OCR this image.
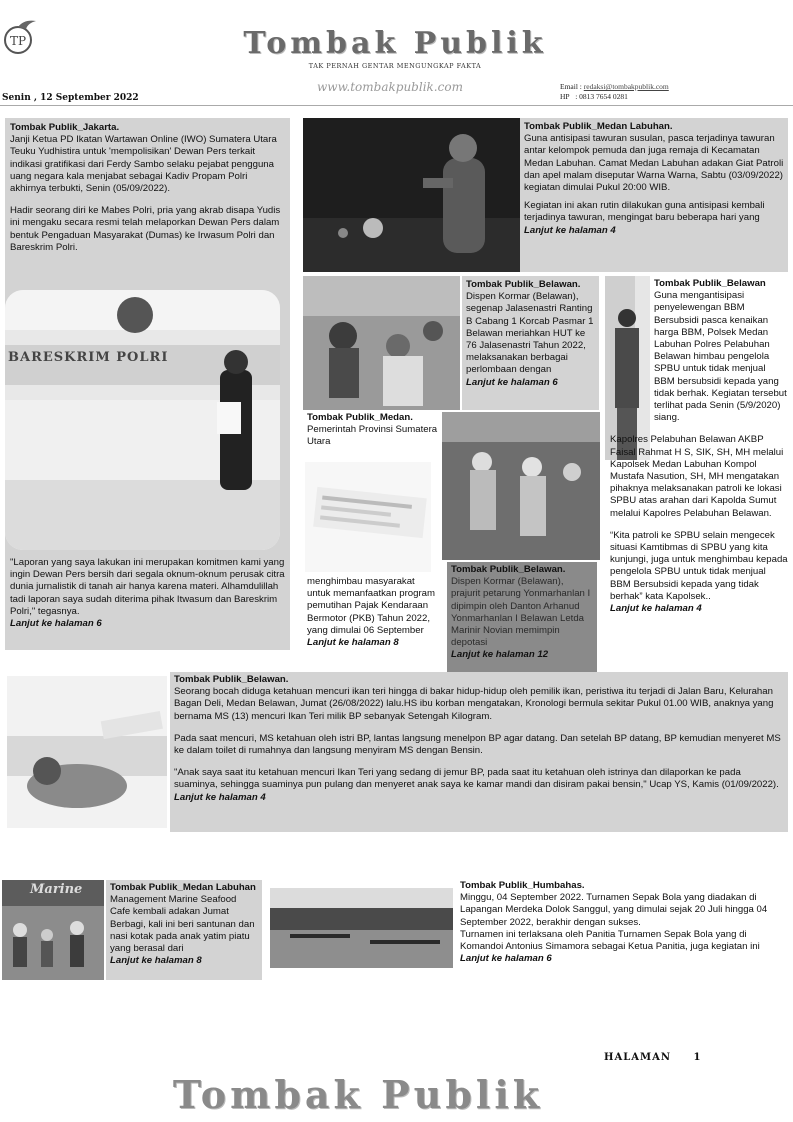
TP	Tombak Publik
TAK PERNAH GENTAR MENGUNGKAP FAKTA
www.tombakpublik.com
Senin , 12 September 2022
Email : redaksi@tombakpublik.com
HP : 0813 7654 0281
Tombak Publik_Jakarta.

Janji Ketua PD Ikatan Wartawan Online (IWO) Sumatera Utara Teuku Yudhistira untuk 'mempolisikan' Dewan Pers terkait indikasi gratifikasi dari Ferdy Sambo selaku pejabat pengguna uang negara kala menjabat sebagai Kadiv Propam Polri akhirnya terbukti, Senin (05/09/2022).

Hadir seorang diri ke Mabes Polri, pria yang akrab disapa Yudis ini mengaku secara resmi telah melaporkan Dewan Pers dalam bentuk Pengaduan Masyarakat (Dumas) ke Irwasum Polri dan Bareskrim Polri.

BARESKRIM POLRI
"Laporan yang saya lakukan ini merupakan komitmen kami yang ingin Dewan Pers bersih dari segala oknum-oknum perusak citra dunia jurnalistik di tanah air hanya karena materi. Alhamdulillah tadi laporan saya sudah diterima pihak Itwasum dan Bareskrim Polri," tegasnya.
Lanjut ke halaman 6
Tombak Publik_Medan Labuhan.

Guna antisipasi tawuran susulan, pasca terjadinya tawuran antar kelompok pemuda dan juga remaja di Kecamatan Medan Labuhan. Camat Medan Labuhan adakan Giat Patroli dan apel malam diseputar Warna Warna, Sabtu (03/09/2022) kegiatan dimulai Pukul 20:00 WIB.

Kegiatan ini akan rutin dilakukan guna antisipasi kembali terjadinya tawuran, mengingat baru beberapa hari yang
Lanjut ke halaman 4
Tombak Publik_Belawan.
Dispen Kormar (Belawan), segenap Jalasenastri Ranting B Cabang 1 Korcab Pasmar 1 Belawan meriahkan HUT ke 76 Jalasenastri Tahun 2022, melaksanakan berbagai perlombaan dengan
Lanjut ke halaman 6
Tombak Publik_Belawan

Guna mengantisipasi penyelewengan BBM Bersubsidi pasca kenaikan harga BBM, Polsek Medan Labuhan Polres Pelabuhan Belawan himbau pengelola SPBU untuk tidak menjual BBM bersubsidi kepada yang tidak berhak. Kegiatan tersebut terlihat pada Senin (5/9/2020) siang.

Kapolres Pelabuhan Belawan AKBP Faisal Rahmat H S, SIK, SH, MH melalui Kapolsek Medan Labuhan Kompol Mustafa Nasution, SH, MH mengatakan pihaknya melaksanakan patroli ke lokasi SPBU atas arahan dari Kapolda Sumut melalui Kapolres Pelabuhan Belawan.

“Kita patroli ke SPBU selain mengecek situasi Kamtibmas di SPBU yang kita kunjungi, juga untuk menghimbau kepada pengelola SPBU untuk tidak menjual BBM Bersubsidi kepada yang tidak berhak” kata Kapolsek..

Lanjut ke halaman 4
Tombak Publik_Medan.
Pemerintah Provinsi Sumatera Utara
menghimbau masyarakat untuk memanfaatkan program pemutihan Pajak Kendaraan Bermotor (PKB) Tahun 2022, yang dimulai 06 September
Lanjut ke halaman 8
Tombak Publik_Belawan.
Dispen Kormar (Belawan), prajurit petarung Yonmarhanlan I dipimpin oleh Danton Arhanud Yonmarhanlan I Belawan Letda Marinir Novian memimpin depotasi
Lanjut ke halaman 12
Tombak Publik_Belawan.

Seorang bocah diduga ketahuan mencuri ikan teri hingga di bakar hidup-hidup oleh pemilik ikan, peristiwa itu terjadi di Jalan Baru, Kelurahan Bagan Deli, Medan Belawan, Jumat (26/08/2022) lalu.HS ibu korban mengatakan, Kronologi bermula sekitar Pukul 01.00 WIB, anaknya yang bernama MS (13) mencuri Ikan Teri milik BP sebanyak Setengah Kilogram.

Pada saat mencuri, MS ketahuan oleh istri BP, lantas langsung menelpon BP agar datang. Dan setelah BP datang, BP kemudian menyeret MS ke dalam toilet di rumahnya dan langsung menyiram MS dengan Bensin.

"Anak saya saat itu ketahuan mencuri Ikan Teri yang sedang di jemur BP, pada saat itu ketahuan oleh istrinya dan dilaporkan ke pada suaminya, sehingga suaminya pun pulang dan menyeret anak saya ke kamar mandi dan disiram pakai bensin," Ucap YS, Kamis (01/09/2022). Lanjut ke halaman 4
Marine	Tombak Publik_Medan Labuhan
Management Marine Seafood Cafe kembali adakan Jumat Berbagi, kali ini beri santunan dan nasi kotak pada anak yatim piatu yang berasal dari
Lanjut ke halaman 8
Tombak Publik_Humbahas.
Minggu, 04 September 2022. Turnamen Sepak Bola yang diadakan di Lapangan Merdeka Dolok Sanggul, yang dimulai sejak 20 Juli hingga 04 September 2022, berakhir dengan sukses.
Turnamen ini terlaksana oleh Panitia Turnamen Sepak Bola yang di Komandoi Antonius Simamora sebagai Ketua Panitia, juga kegiatan ini
Lanjut ke halaman 6
HALAMAN 1
Tombak Publik
